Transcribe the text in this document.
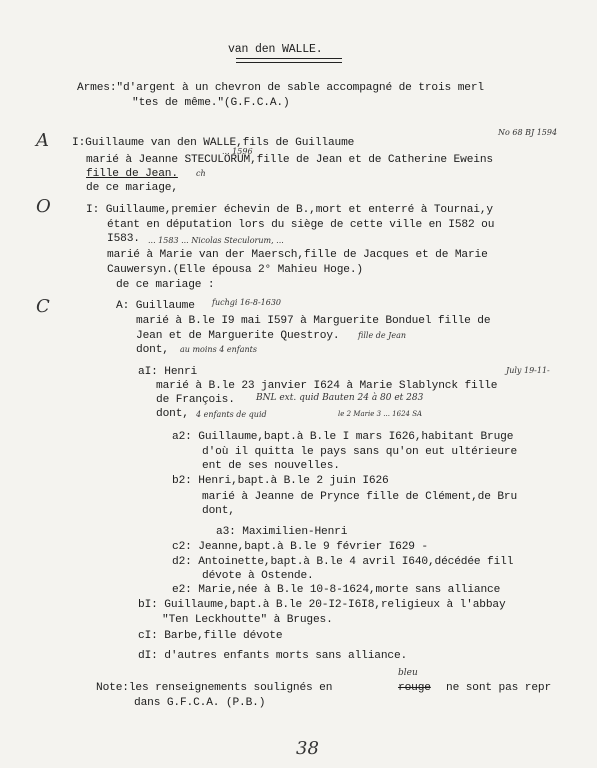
van den WALLE.
Armes:"d'argent à un chevron de sable accompagné de trois merl
"tes de même."(G.F.C.A.)
A
O
C
No 68 BJ 1594
I:Guillaume van den WALLE,fils de Guillaume
... 1596
marié à Jeanne STECULORUM,fille de Jean et de Catherine Eweins
fille de Jean. ch
de ce mariage,
I: Guillaume,premier échevin de B.,mort et enterré à Tournai,y
étant en députation lors du siège de cette ville en I582 ou
I583. ... 1583 ... Nicolas Steculorum, ...
marié à Marie van der Maersch,fille de Jacques et de Marie
Cauwersyn.(Elle épousa 2° Mahieu Hoge.)
de ce mariage :
A: Guillaume fuchgi 16-8-1630
marié à B.le I9 mai I597 à Marguerite Bonduel fille de
Jean et de Marguerite Questroy. fille de Jean
dont, au moins 4 enfants
aI: Henri	July 19-11-
marié à B.le 23 janvier I624 à Marie Slablynck fille
de François. BNL ext. quid Bauten 24 à 80 et 283
dont, 4 enfants de quid	le 2 Marie 3 ... 1624 SA
a2: Guillaume,bapt.à B.le I mars I626,habitant Bruge
d'où il quitta le pays sans qu'on eut ultérieure
ent de ses nouvelles.
b2: Henri,bapt.à B.le 2 juin I626
marié à Jeanne de Prynce fille de Clément,de Bru
dont,
a3: Maximilien-Henri
c2: Jeanne,bapt.à B.le 9 février I629 -
d2: Antoinette,bapt.à B.le 4 avril I640,décédée fill
dévote à Ostende.
e2: Marie,née à B.le 10-8-1624,morte sans alliance
bI: Guillaume,bapt.à B.le 20-I2-I6I8,religieux à l'abbay
"Ten Leckhoutte" à Bruges.
cI: Barbe,fille dévote
dI: d'autres enfants morts sans alliance.
bleu
Note:les renseignements soulignés en	rouge ne sont pas repr
dans G.F.C.A. (P.B.)
38
